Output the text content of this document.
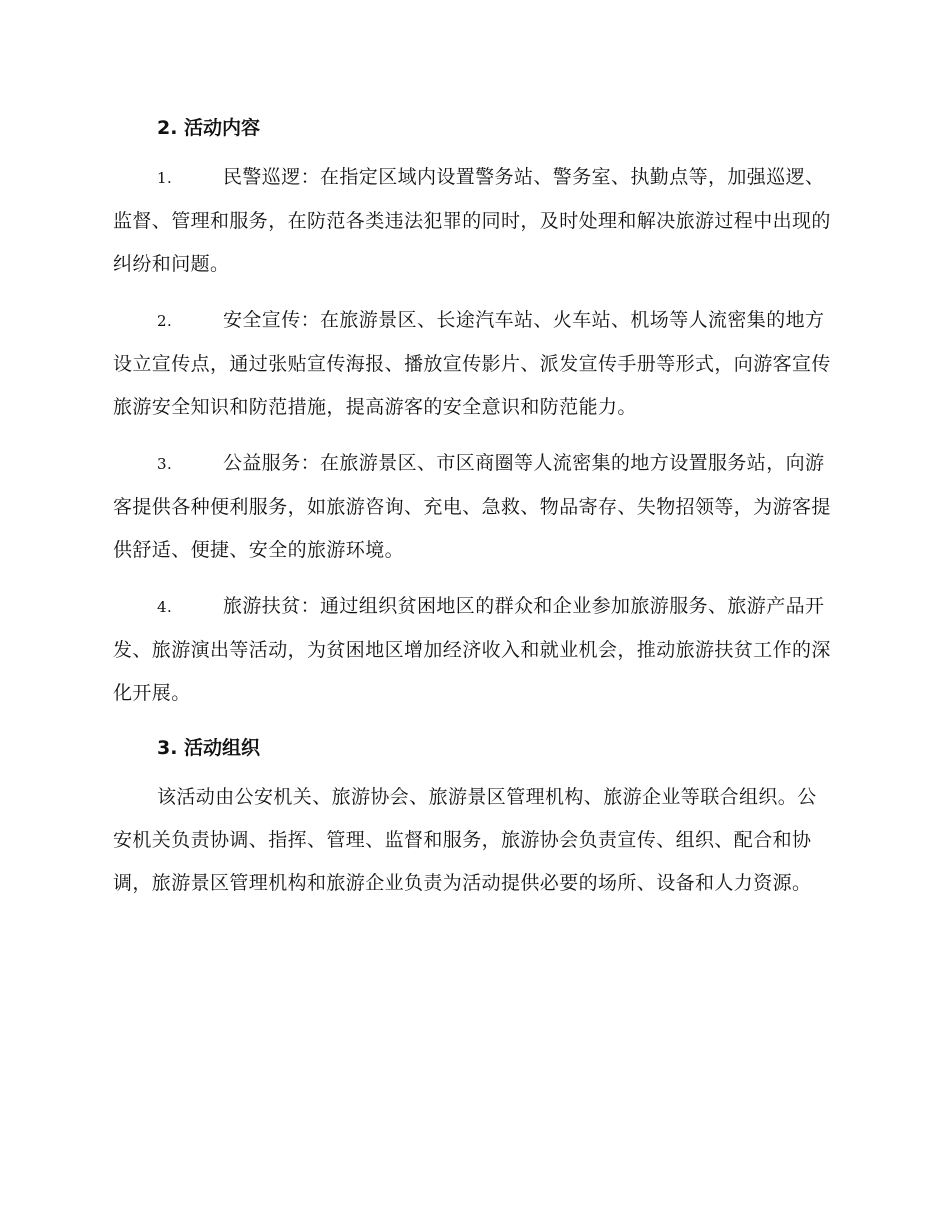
2. 活动内容
1.	民警巡逻：在指定区域内设置警务站、警务室、执勤点等，加强巡逻、监督、管理和服务，在防范各类违法犯罪的同时，及时处理和解决旅游过程中出现的纠纷和问题。
2.	安全宣传：在旅游景区、长途汽车站、火车站、机场等人流密集的地方设立宣传点，通过张贴宣传海报、播放宣传影片、派发宣传手册等形式，向游客宣传旅游安全知识和防范措施，提高游客的安全意识和防范能力。
3.	公益服务：在旅游景区、市区商圈等人流密集的地方设置服务站，向游客提供各种便利服务，如旅游咨询、充电、急救、物品寄存、失物招领等，为游客提供舒适、便捷、安全的旅游环境。
4.	旅游扶贫：通过组织贫困地区的群众和企业参加旅游服务、旅游产品开发、旅游演出等活动，为贫困地区增加经济收入和就业机会，推动旅游扶贫工作的深化开展。
3. 活动组织

该活动由公安机关、旅游协会、旅游景区管理机构、旅游企业等联合组织。公安机关负责协调、指挥、管理、监督和服务，旅游协会负责宣传、组织、配合和协调，旅游景区管理机构和旅游企业负责为活动提供必要的场所、设备和人力资源。
